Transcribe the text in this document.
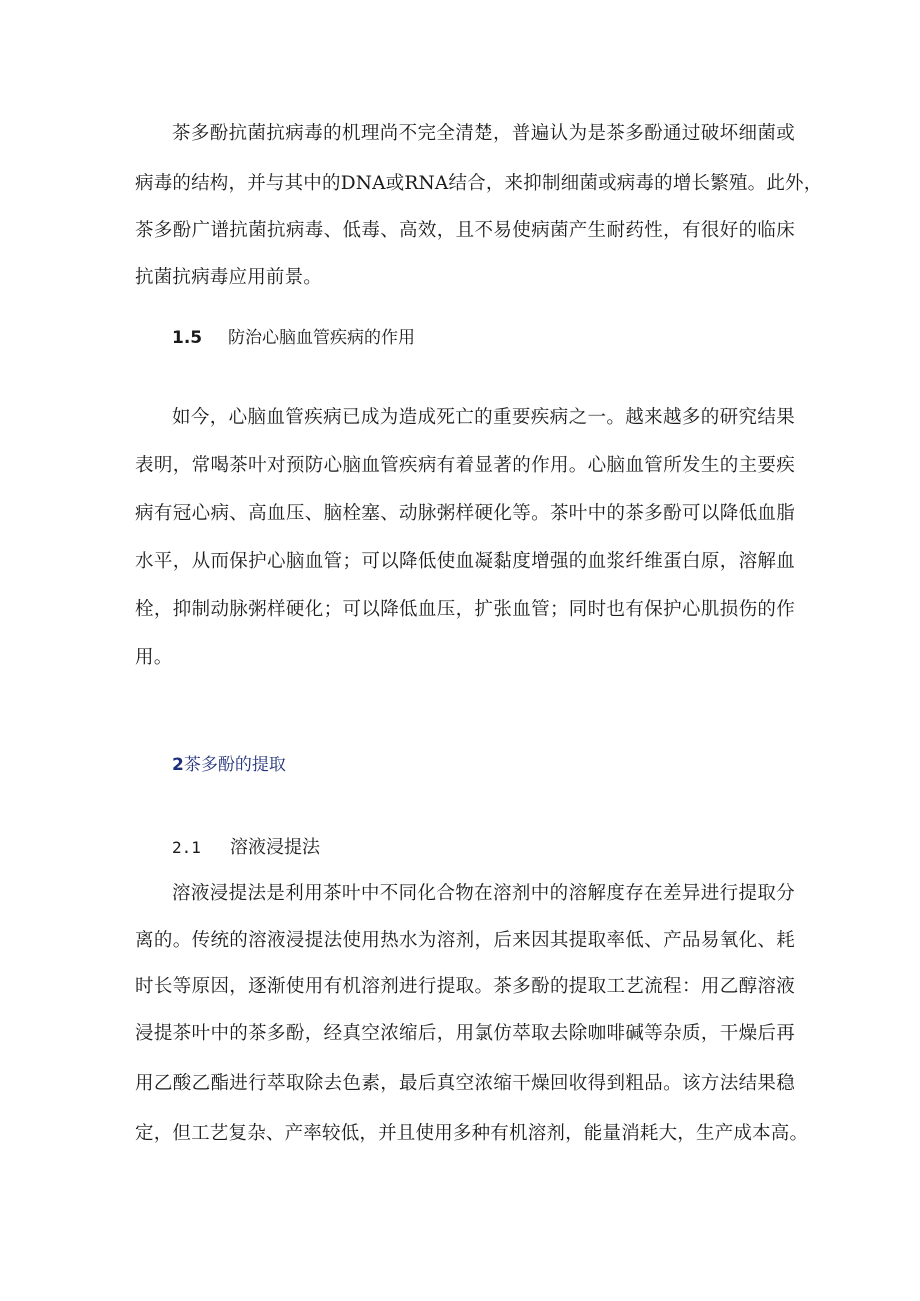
茶多酚抗菌抗病毒的机理尚不完全清楚，普遍认为是茶多酚通过破坏细菌或
病毒的结构，并与其中的DNA或RNA结合，来抑制细菌或病毒的增长繁殖。此外，
茶多酚广谱抗菌抗病毒、低毒、高效，且不易使病菌产生耐药性，有很好的临床
抗菌抗病毒应用前景。
1.5 防治心脑血管疾病的作用
如今，心脑血管疾病已成为造成死亡的重要疾病之一。越来越多的研究结果
表明，常喝茶叶对预防心脑血管疾病有着显著的作用。心脑血管所发生的主要疾
病有冠心病、高血压、脑栓塞、动脉粥样硬化等。茶叶中的茶多酚可以降低血脂
水平，从而保护心脑血管；可以降低使血凝黏度增强的血浆纤维蛋白原，溶解血
栓，抑制动脉粥样硬化；可以降低血压，扩张血管；同时也有保护心肌损伤的作
用。
2茶多酚的提取
2.1 溶液浸提法
溶液浸提法是利用茶叶中不同化合物在溶剂中的溶解度存在差异进行提取分
离的。传统的溶液浸提法使用热水为溶剂，后来因其提取率低、产品易氧化、耗
时长等原因，逐渐使用有机溶剂进行提取。茶多酚的提取工艺流程：用乙醇溶液
浸提茶叶中的茶多酚，经真空浓缩后，用氯仿萃取去除咖啡碱等杂质，干燥后再
用乙酸乙酯进行萃取除去色素，最后真空浓缩干燥回收得到粗品。该方法结果稳
定，但工艺复杂、产率较低，并且使用多种有机溶剂，能量消耗大，生产成本高。
